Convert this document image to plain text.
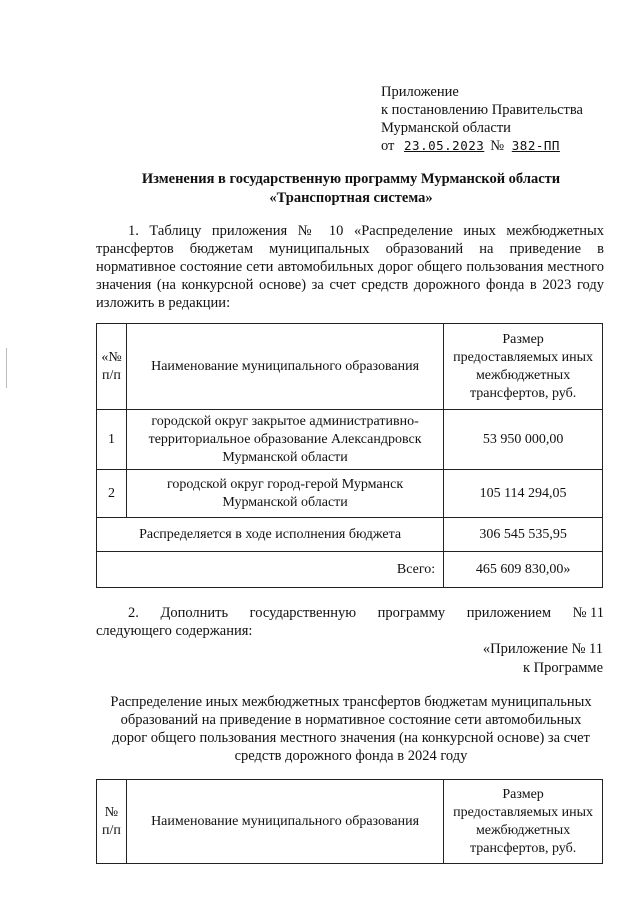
Приложение
к постановлению Правительства
Мурманской области
от 23.05.2023 № 382-ПП
Изменения в государственную программу Мурманской области
«Транспортная система»
1. Таблицу приложения № 10 «Распределение иных межбюджетных трансфертов бюджетам муниципальных образований на приведение в нормативное состояние сети автомобильных дорог общего пользования местного значения (на конкурсной основе) за счет средств дорожного фонда в 2023 году изложить в редакции:
«№ п/п	Наименование муниципального образования	Размер предоставляемых иных межбюджетных трансфертов, руб.
1	городской округ закрытое административно-территориальное образование Александровск Мурманской области	53 950 000,00
2	городской округ город-герой Мурманск Мурманской области	105 114 294,05
Распределяется в ходе исполнения бюджета		306 545 535,95
Всего:		465 609 830,00»
2. Дополнить государственную программу приложением № 11
следующего содержания:
«Приложение № 11
к Программе
Распределение иных межбюджетных трансфертов бюджетам муниципальных
образований на приведение в нормативное состояние сети автомобильных
дорог общего пользования местного значения (на конкурсной основе) за счет
средств дорожного фонда в 2024 году
№ п/п	Наименование муниципального образования	Размер предоставляемых иных межбюджетных трансфертов, руб.
